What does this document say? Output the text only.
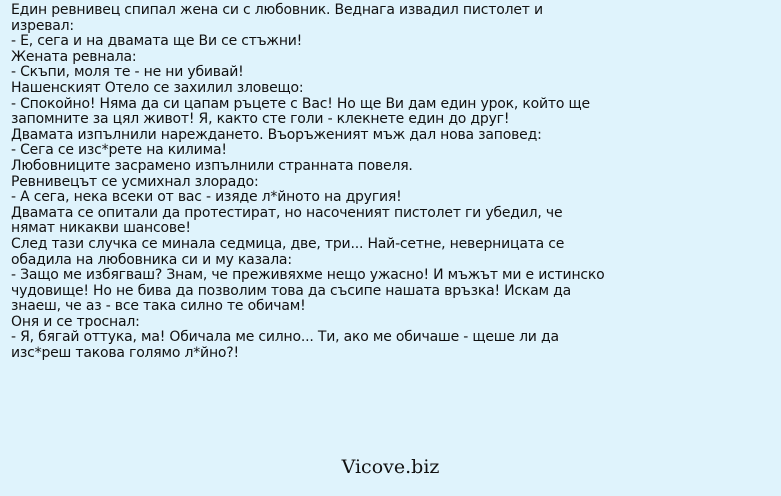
Един ревнивец спипал жена си с любовник. Веднага извадил пистолет и
изревал:
- Е, сега и на двамата ще Ви се стъжни!
Жената ревнала:
- Скъпи, моля те - не ни убивай!
Нашенският Отело се захилил зловещо:
- Спокойно! Няма да си цапам ръцете с Вас! Но ще Ви дам един урок, който ще
запомните за цял живот! Я, както сте голи - клекнете един до друг!
Двамата изпълнили нареждането. Въоръженият мъж дал нова заповед:
- Сега се изс*рете на килима!
Любовниците засрамено изпълнили странната повеля.
Ревнивецът се усмихнал злорадо:
- А сега, нека всеки от вас - изяде л*йното на другия!
Двамата се опитали да протестират, но насоченият пистолет ги убедил, че
нямат никакви шансове!
След тази случка се минала седмица, две, три... Най-сетне, неверницата се
обадила на любовника си и му казала:
- Защо ме избягваш? Знам, че преживяхме нещо ужасно! И мъжът ми е истинско
чудовище! Но не бива да позволим това да съсипе нашата връзка! Искам да
знаеш, че аз - все така силно те обичам!
Оня и се троснал:
- Я, бягай оттука, ма! Обичала ме силно... Ти, ако ме обичаше - щеше ли да
изс*реш такова голямо л*йно?!
Vicove.biz
